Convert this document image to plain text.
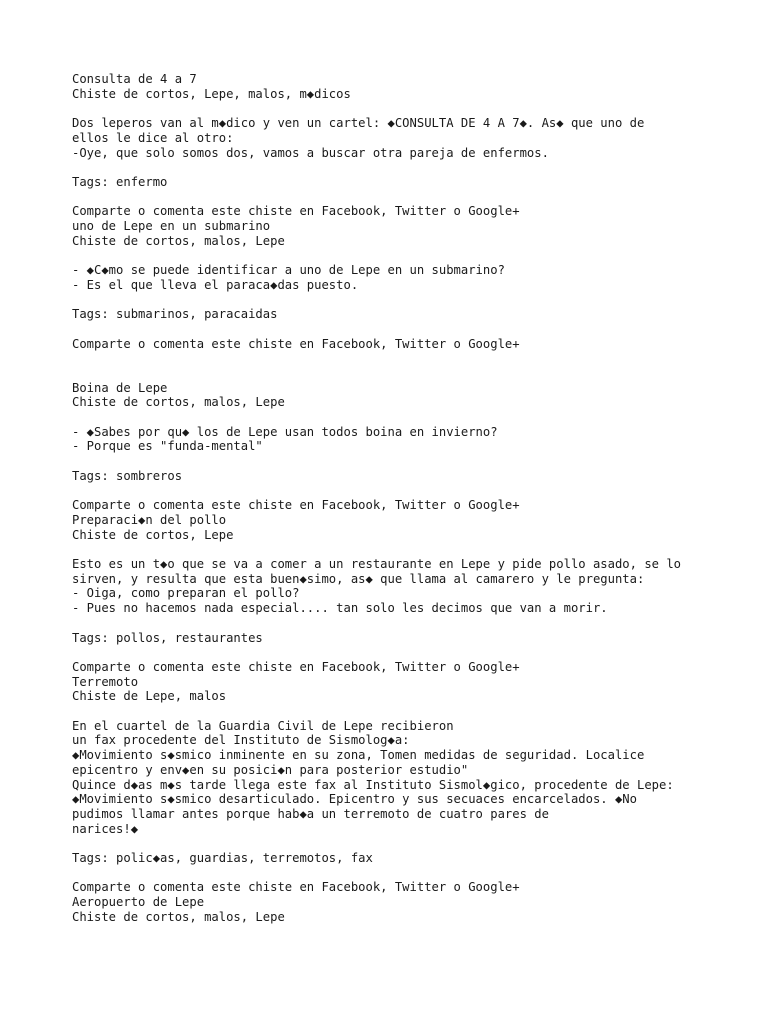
Consulta de 4 a 7
Chiste de cortos, Lepe, malos, m◆dicos
Dos leperos van al m◆dico y ven un cartel: ◆CONSULTA DE 4 A 7◆. As◆ que uno de
ellos le dice al otro:
-Oye, que solo somos dos, vamos a buscar otra pareja de enfermos.
Tags: enfermo
Comparte o comenta este chiste en Facebook, Twitter o Google+
uno de Lepe en un submarino
Chiste de cortos, malos, Lepe
- ◆C◆mo se puede identificar a uno de Lepe en un submarino?
- Es el que lleva el paraca◆das puesto.
Tags: submarinos, paracaidas
Comparte o comenta este chiste en Facebook, Twitter o Google+
Boina de Lepe
Chiste de cortos, malos, Lepe
- ◆Sabes por qu◆ los de Lepe usan todos boina en invierno?
- Porque es "funda-mental"
Tags: sombreros
Comparte o comenta este chiste en Facebook, Twitter o Google+
Preparaci◆n del pollo
Chiste de cortos, Lepe
Esto es un t◆o que se va a comer a un restaurante en Lepe y pide pollo asado, se lo
sirven, y resulta que esta buen◆simo, as◆ que llama al camarero y le pregunta:
- Oiga, como preparan el pollo?
- Pues no hacemos nada especial.... tan solo les decimos que van a morir.
Tags: pollos, restaurantes
Comparte o comenta este chiste en Facebook, Twitter o Google+
Terremoto
Chiste de Lepe, malos
En el cuartel de la Guardia Civil de Lepe recibieron
un fax procedente del Instituto de Sismolog◆a:
◆Movimiento s◆smico inminente en su zona, Tomen medidas de seguridad. Localice
epicentro y env◆en su posici◆n para posterior estudio"
Quince d◆as m◆s tarde llega este fax al Instituto Sismol◆gico, procedente de Lepe:
◆Movimiento s◆smico desarticulado. Epicentro y sus secuaces encarcelados. ◆No
pudimos llamar antes porque hab◆a un terremoto de cuatro pares de
narices!◆
Tags: polic◆as, guardias, terremotos, fax
Comparte o comenta este chiste en Facebook, Twitter o Google+
Aeropuerto de Lepe
Chiste de cortos, malos, Lepe
